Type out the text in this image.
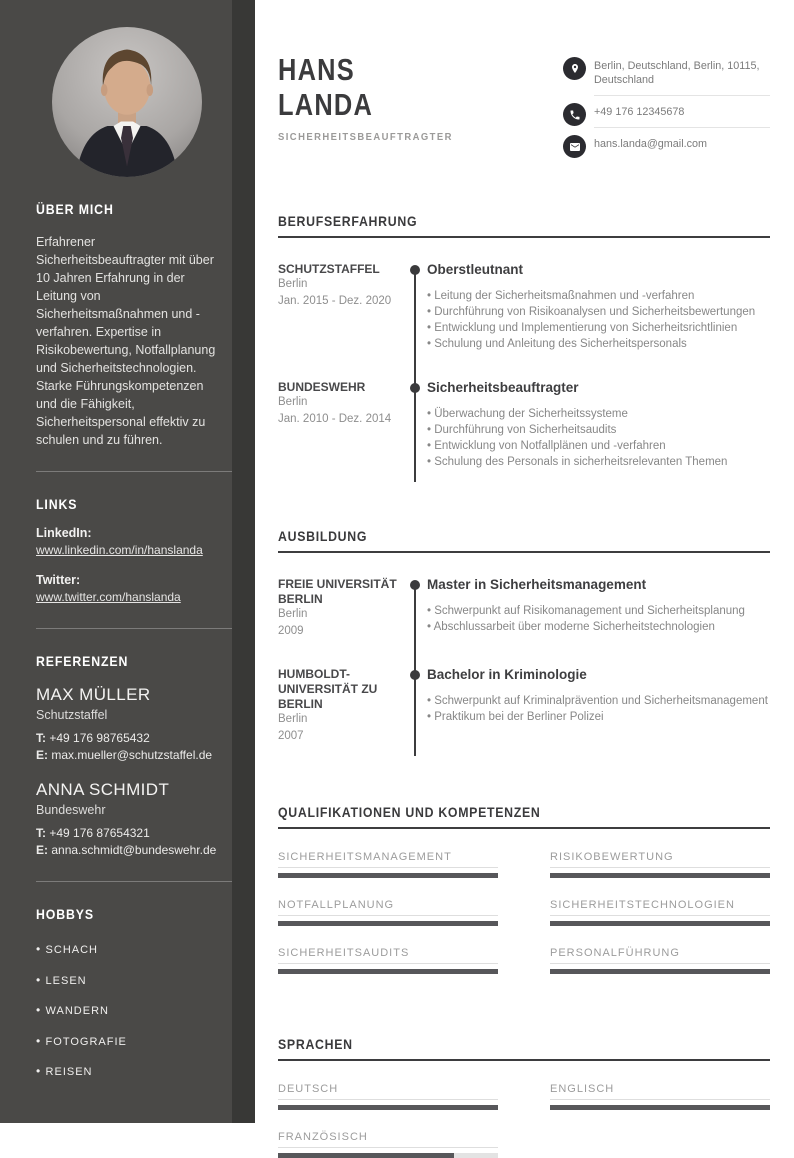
ÜBER MICH

Erfahrener Sicherheitsbeauftragter mit über 10 Jahren Erfahrung in der Leitung von Sicherheitsmaßnahmen und - verfahren. Expertise in Risikobewertung, Notfallplanung und Sicherheitstechnologien. Starke Führungskompetenzen und die Fähigkeit, Sicherheitspersonal effektiv zu schulen und zu führen.

LINKS
LinkedIn:
www.linkedin.com/in/hanslanda
Twitter:
www.twitter.com/hanslanda
REFERENZEN
MAX MÜLLER
Schutzstaffel
T: +49 176 98765432
E: max.mueller@schutzstaffel.de
ANNA SCHMIDT
Bundeswehr
T: +49 176 87654321
E: anna.schmidt@bundeswehr.de
HOBBYS
• SCHACH
• LESEN
• WANDERN
• FOTOGRAFIE
• REISEN
HANS
LANDA
SICHERHEITSBEAUFTRAGTER
Berlin, Deutschland, Berlin, 10115, Deutschland
+49 176 12345678
hans.landa@gmail.com
BERUFSERFAHRUNG
SCHUTZSTAFFEL
Berlin
Jan. 2015 - Dez. 2020
Oberstleutnant
• Leitung der Sicherheitsmaßnahmen und -verfahren
• Durchführung von Risikoanalysen und Sicherheitsbewertungen
• Entwicklung und Implementierung von Sicherheitsrichtlinien
• Schulung und Anleitung des Sicherheitspersonals
BUNDESWEHR
Berlin
Jan. 2010 - Dez. 2014
Sicherheitsbeauftragter
• Überwachung der Sicherheitssysteme
• Durchführung von Sicherheitsaudits
• Entwicklung von Notfallplänen und -verfahren
• Schulung des Personals in sicherheitsrelevanten Themen
AUSBILDUNG
FREIE UNIVERSITÄT BERLIN
Berlin
2009
Master in Sicherheitsmanagement
• Schwerpunkt auf Risikomanagement und Sicherheitsplanung
• Abschlussarbeit über moderne Sicherheitstechnologien
HUMBOLDT-UNIVERSITÄT ZU BERLIN
Berlin
2007
Bachelor in Kriminologie
• Schwerpunkt auf Kriminalprävention und Sicherheitsmanagement
• Praktikum bei der Berliner Polizei
QUALIFIKATIONEN UND KOMPETENZEN
SICHERHEITSMANAGEMENT	RISIKOBEWERTUNG
NOTFALLPLANUNG	SICHERHEITSTECHNOLOGIEN
SICHERHEITSAUDITS	PERSONALFÜHRUNG
SPRACHEN
DEUTSCH	ENGLISCH
FRANZÖSISCH
